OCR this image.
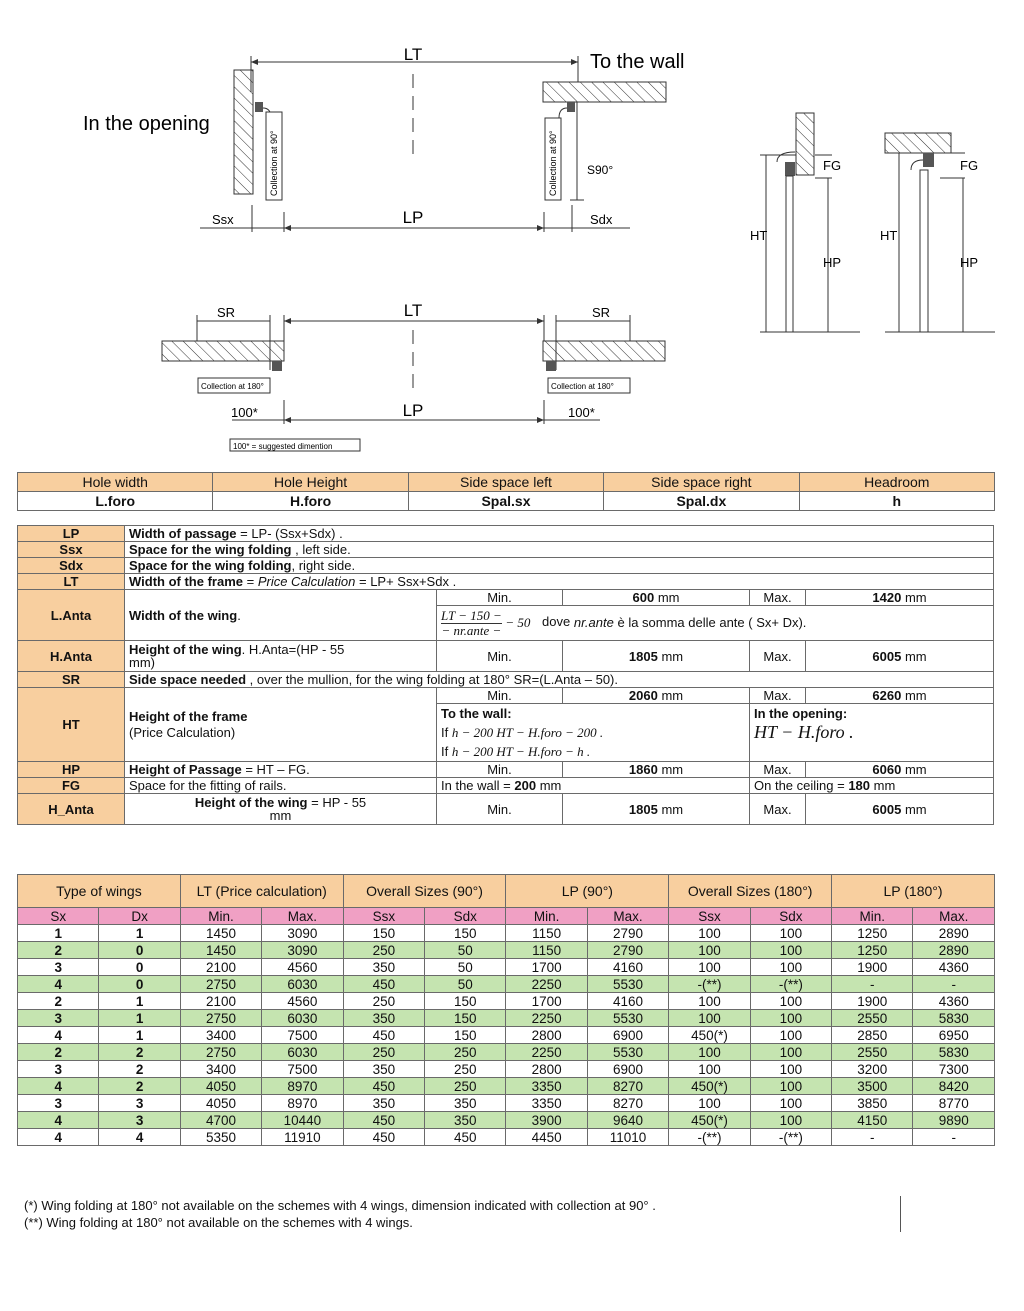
LT	To the wall
In the opening
Collection at 90°	Collection at 90° S90°
LP
Ssx	Sdx
LT
SR	SR
Collection at 180°	Collection at 180°
LP
100*	100*
100* = suggested dimention
FG
HT
HP
FG
HT
HP
Hole width	Hole Height	Side space left	Side space right	Headroom
L.foro	H.foro	Spal.sx	Spal.dx	h
LP	Width of passage = LP- (Ssx+Sdx) .				
Ssx	Space for the wing folding , left side.				
Sdx	Space for the wing folding, right side.				
LT	Width of the frame = Price Calculation = LP+ Ssx+Sdx .				
L.Anta	Width of the wing.	Min.	600 mm	Max.	1420 mm

		LT − 150 −
− nr.ante −
− 50 dove nr.ante è la somma delle ante ( Sx+ Dx).			
H.Anta	Height of the wing. H.Anta=(HP - 55
mm)	Min.	1805 mm	Max.	6005 mm
SR	Side space needed , over the mullion, for the wing folding at 180° SR=(L.Anta – 50).				
HT	Height of the frame
(Price Calculation)	Min.	2060 mm	Max.	6260 mm
		To the wall:
If h − 200 HT − H.foro − 200 .
If h − 200 HT − H.foro − h .		In the opening:
HT − H.foro .	
HP	Height of Passage = HT – FG.	Min.	1860 mm	Max.	6060 mm
FG	Space for the fitting of rails.	In the wall = 200 mm		On the ceiling = 180 mm	
H_Anta	Height of the wing = HP - 55
mm	Min.	1805 mm	Max.	6005 mm
Type of wings		LT (Price calculation)		Overall Sizes (90°)		LP (90°)		Overall Sizes (180°)		LP (180°)	
Sx	Dx	Min.	Max.	Ssx	Sdx	Min.	Max.	Ssx	Sdx	Min.	Max.
1	1	1450	3090	150	150	1150	2790	100	100	1250	2890
2	0	1450	3090	250	50	1150	2790	100	100	1250	2890
3	0	2100	4560	350	50	1700	4160	100	100	1900	4360
4	0	2750	6030	450	50	2250	5530	-(**)	-(**)	-	-
2	1	2100	4560	250	150	1700	4160	100	100	1900	4360
3	1	2750	6030	350	150	2250	5530	100	100	2550	5830
4	1	3400	7500	450	150	2800	6900	450(*)	100	2850	6950
2	2	2750	6030	250	250	2250	5530	100	100	2550	5830
3	2	3400	7500	350	250	2800	6900	100	100	3200	7300
4	2	4050	8970	450	250	3350	8270	450(*)	100	3500	8420
3	3	4050	8970	350	350	3350	8270	100	100	3850	8770
4	3	4700	10440	450	350	3900	9640	450(*)	100	4150	9890
4	4	5350	11910	450	450	4450	11010	-(**)	-(**)	-	-
(*) Wing folding at 180° not available on the schemes with 4 wings, dimension indicated with collection at 90° .
(**) Wing folding at 180° not available on the schemes with 4 wings.
